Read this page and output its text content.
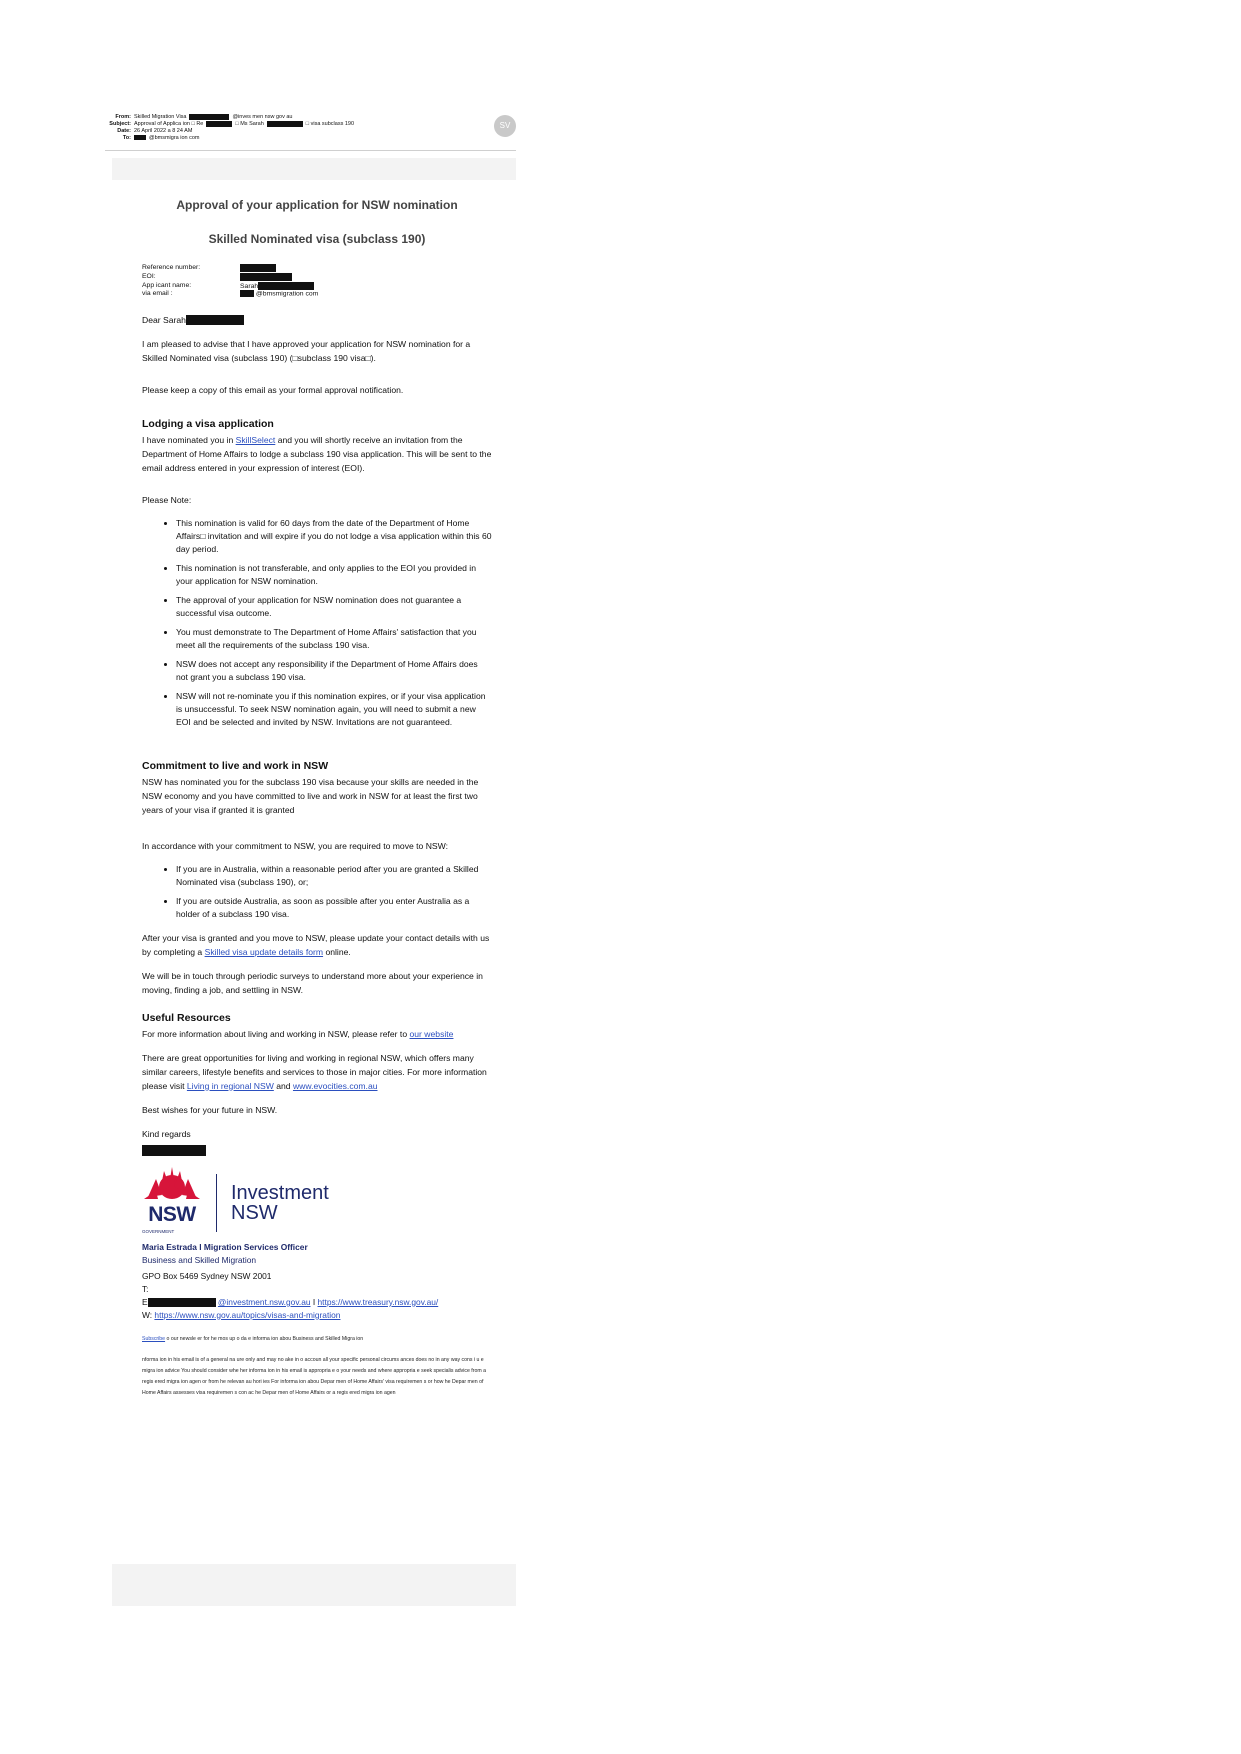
From: Skilled Migration Visa	@inves men nsw gov au
Subject: Approval of Applica ion □ Re	□ Ms Sarah	□ visa subclass 190
Date: 26 April 2022 a 8 24 AM
To:	@bmsmigra ion com
SV
Approval of your application for NSW nomination
Skilled Nominated visa (subclass 190)
Reference number:
EOI:
App icant name:	Sarah
via email :	@bmsmigration com

Dear Sarah

I am pleased to advise that I have approved your application for NSW nomination for a Skilled Nominated visa (subclass 190) (□subclass 190 visa□).

Please keep a copy of this email as your formal approval notification.

Lodging a visa application

I have nominated you in SkillSelect and you will shortly receive an invitation from the Department of Home Affairs to lodge a subclass 190 visa application. This will be sent to the email address entered in your expression of interest (EOI).

Please Note:

• This nomination is valid for 60 days from the date of the Department of Home Affairs□ invitation and will expire if you do not lodge a visa application within this 60 day period.
• This nomination is not transferable, and only applies to the EOI you provided in your application for NSW nomination.
• The approval of your application for NSW nomination does not guarantee a successful visa outcome.
• You must demonstrate to The Department of Home Affairs' satisfaction that you meet all the requirements of the subclass 190 visa.
• NSW does not accept any responsibility if the Department of Home Affairs does not grant you a subclass 190 visa.
• NSW will not re-nominate you if this nomination expires, or if your visa application is unsuccessful. To seek NSW nomination again, you will need to submit a new EOI and be selected and invited by NSW. Invitations are not guaranteed.
Commitment to live and work in NSW

NSW has nominated you for the subclass 190 visa because your skills are needed in the NSW economy and you have committed to live and work in NSW for at least the first two years of your visa if granted it is granted

In accordance with your commitment to NSW, you are required to move to NSW:

• If you are in Australia, within a reasonable period after you are granted a Skilled Nominated visa (subclass 190), or;
• If you are outside Australia, as soon as possible after you enter Australia as a holder of a subclass 190 visa.

After your visa is granted and you move to NSW, please update your contact details with us by completing a Skilled visa update details form online.

We will be in touch through periodic surveys to understand more about your experience in moving, finding a job, and settling in NSW.

Useful Resources

For more information about living and working in NSW, please refer to our website

There are great opportunities for living and working in regional NSW, which offers many similar careers, lifestyle benefits and services to those in major cities. For more information please visit Living in regional NSW and www.evocities.com.au

Best wishes for your future in NSW.

Kind regards

NSW
GOVERNMENT
Investment
NSW
Maria Estrada I Migration Services Officer
Business and Skilled Migration
GPO Box 5469 Sydney NSW 2001
T:
E	@investment.nsw.gov.au I https://www.treasury.nsw.gov.au/
W: https://www.nsw.gov.au/topics/visas-and-migration
Subscribe o our newsle er for he mos up o da e informa ion abou Business and Skilled Migra ion
nforma ion in his email is of a general na ure only and may no ake in o accoun all your specific personal circums ances does no in any way cons i u e migra ion advice You should consider whe her informa ion in his email is appropria e o your needs and where appropria e seek specialis advice from a regis ered migra ion agen or from he relevan au hori ies For informa ion abou Depar men of Home Affairs' visa requiremen s or how he Depar men of Home Affairs assesses visa requiremen s con ac he Depar men of Home Affairs or a regis ered migra ion agen
